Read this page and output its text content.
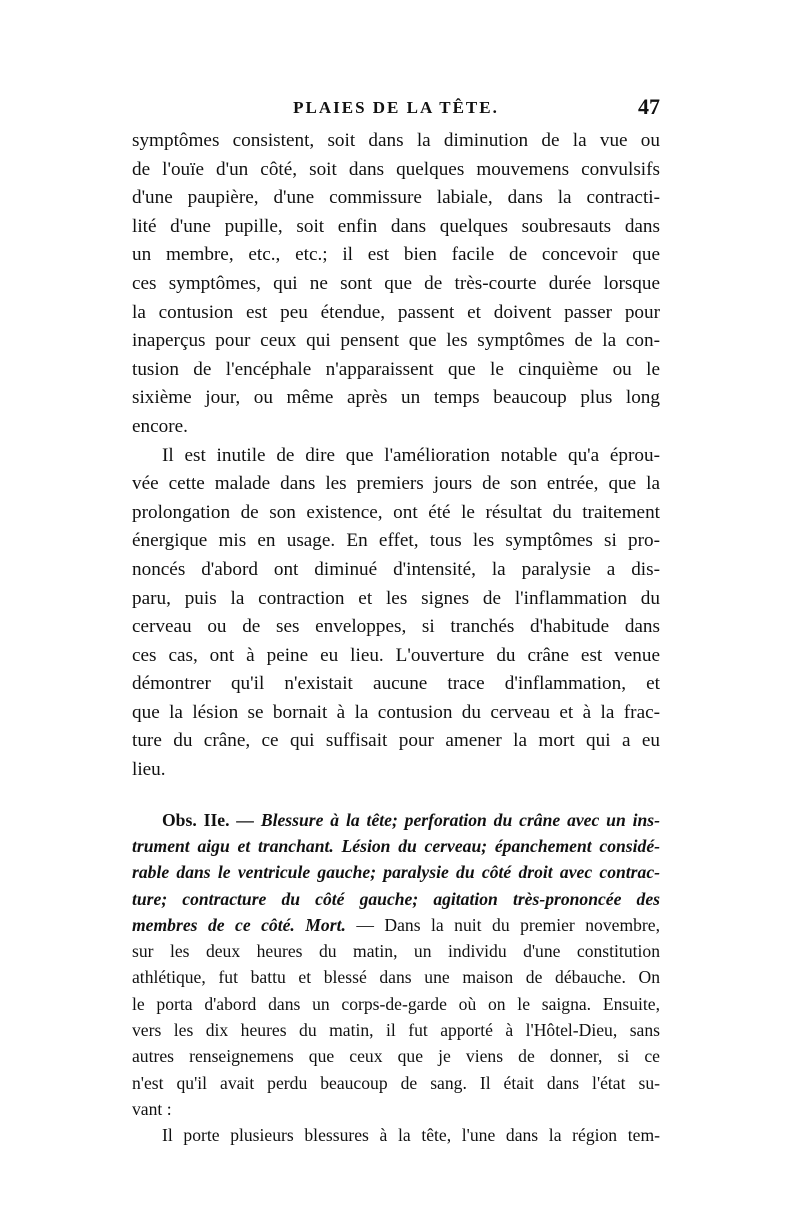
PLAIES DE LA TÊTE.	47
symptômes consistent, soit dans la diminution de la vue ou
de l'ouïe d'un côté, soit dans quelques mouvemens convulsifs
d'une paupière, d'une commissure labiale, dans la contracti-
lité d'une pupille, soit enfin dans quelques soubresauts dans
un membre, etc., etc.; il est bien facile de concevoir que
ces symptômes, qui ne sont que de très-courte durée lorsque
la contusion est peu étendue, passent et doivent passer pour
inaperçus pour ceux qui pensent que les symptômes de la con-
tusion de l'encéphale n'apparaissent que le cinquième ou le
sixième jour, ou même après un temps beaucoup plus long
encore.
Il est inutile de dire que l'amélioration notable qu'a éprou-
vée cette malade dans les premiers jours de son entrée, que la
prolongation de son existence, ont été le résultat du traitement
énergique mis en usage. En effet, tous les symptômes si pro-
noncés d'abord ont diminué d'intensité, la paralysie a dis-
paru, puis la contraction et les signes de l'inflammation du
cerveau ou de ses enveloppes, si tranchés d'habitude dans
ces cas, ont à peine eu lieu. L'ouverture du crâne est venue
démontrer qu'il n'existait aucune trace d'inflammation, et
que la lésion se bornait à la contusion du cerveau et à la frac-
ture du crâne, ce qui suffisait pour amener la mort qui a eu
lieu.
Obs. IIe. — Blessure à la tête; perforation du crâne avec un ins-
trument aigu et tranchant. Lésion du cerveau; épanchement considé-
rable dans le ventricule gauche; paralysie du côté droit avec contrac-
ture; contracture du côté gauche; agitation très-prononcée des
membres de ce côté. Mort. — Dans la nuit du premier novembre,
sur les deux heures du matin, un individu d'une constitution
athlétique, fut battu et blessé dans une maison de débauche. On
le porta d'abord dans un corps-de-garde où on le saigna. Ensuite,
vers les dix heures du matin, il fut apporté à l'Hôtel-Dieu, sans
autres renseignemens que ceux que je viens de donner, si ce
n'est qu'il avait perdu beaucoup de sang. Il était dans l'état su-
vant :
Il porte plusieurs blessures à la tête, l'une dans la région tem-
